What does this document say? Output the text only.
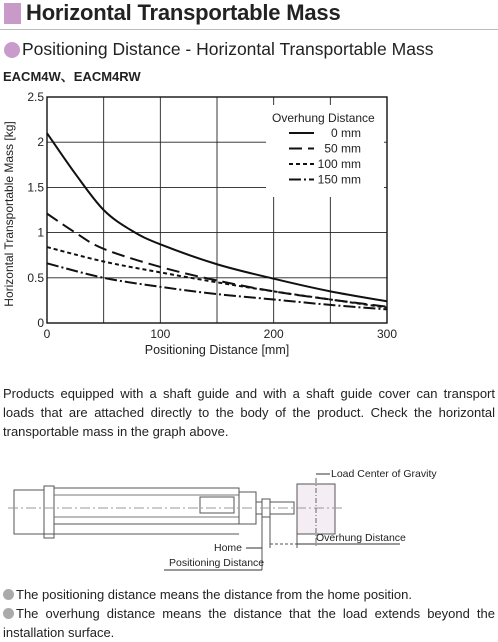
Horizontal Transportable Mass
Positioning Distance - Horizontal Transportable Mass
EACM4W、EACM4RW
0	100	200	300
0
0.5
1
1.5
2
2.5
Positioning Distance [mm]
Horizontal Transportable Mass [kg]
Overhung Distance
0 mm
50 mm
100 mm
150 mm
Products equipped with a shaft guide and with a shaft guide cover can transport loads that are attached directly to the body of the product. Check the horizontal transportable mass in the graph above.
Load Center of Gravity
Home
Overhung Distance
Positioning Distance
The positioning distance means the distance from the home position.
The overhung distance means the distance that the load extends beyond the installation surface.
